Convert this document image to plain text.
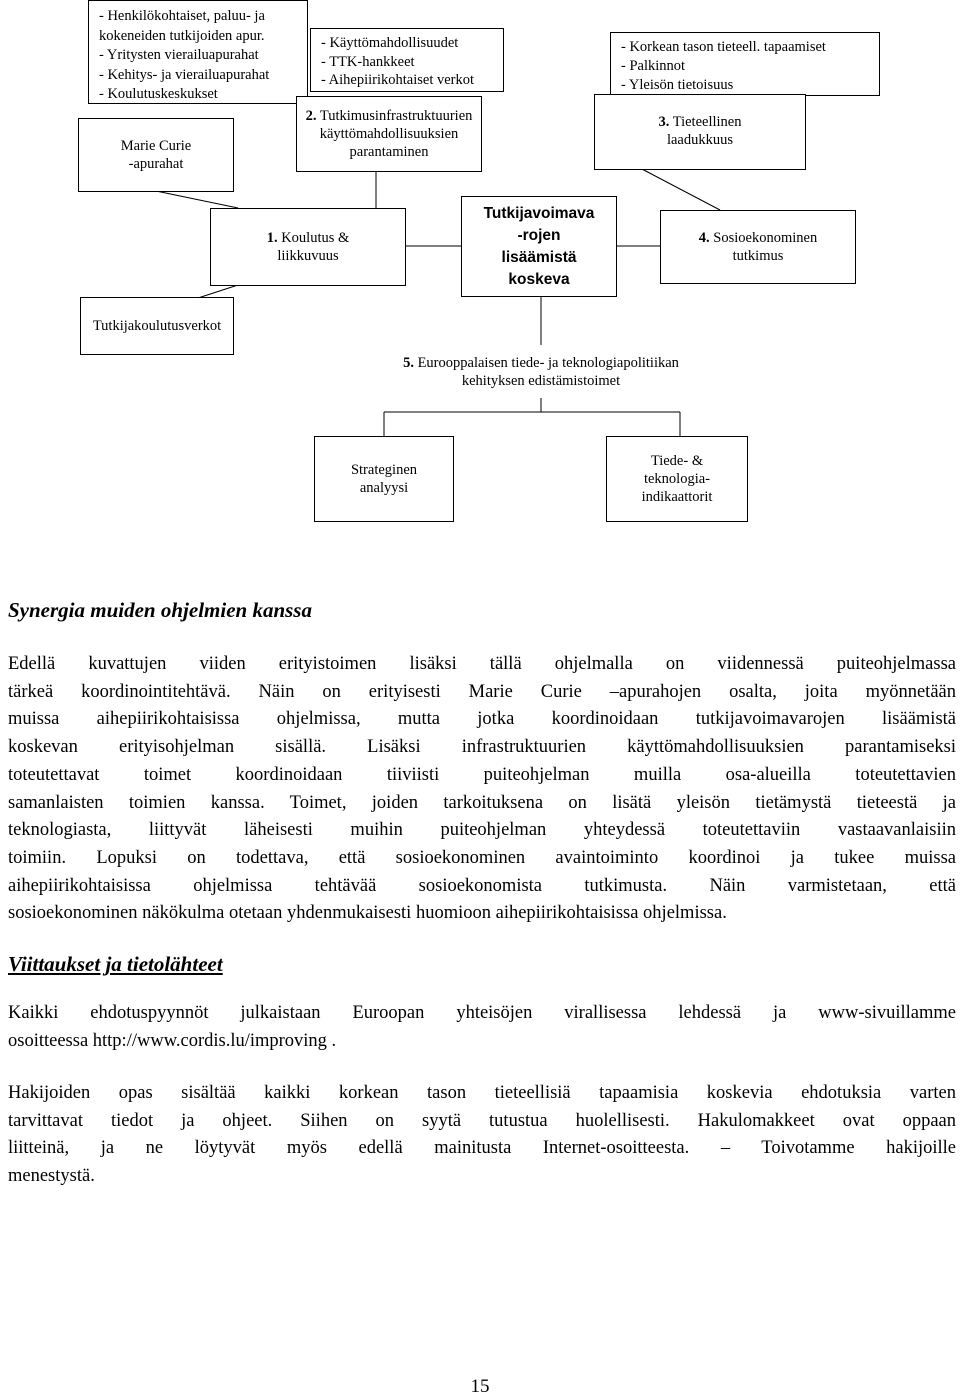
- Henkilökohtaiset, paluu- ja
kokeneiden tutkijoiden apur.
- Yritysten vierailuapurahat
- Kehitys- ja vierailuapurahat
- Koulutuskeskukset
- Käyttömahdollisuudet
- TTK-hankkeet
- Aihepiirikohtaiset verkot
- Korkean tason tieteell. tapaamiset
- Palkinnot
- Yleisön tietoisuus
Marie Curie
-apurahat
2. Tutkimusinfrastruktuurien
käyttömahdollisuuksien
parantaminen
3. Tieteellinen
laadukkuus
1. Koulutus &
liikkuvuus
Tutkijavoimava
-rojen
lisäämistä
koskeva
4. Sosioekonominen
tutkimus
Tutkijakoulutusverkot
5. Eurooppalaisen tiede- ja teknologiapolitiikan
kehityksen edistämistoimet
Strateginen
analyysi
Tiede- &
teknologia-
indikaattorit
Synergia muiden ohjelmien kanssa
Edellä kuvattujen viiden erityistoimen lisäksi tällä ohjelmalla on viidennessä puiteohjelmassa
tärkeä koordinointitehtävä. Näin on erityisesti Marie Curie –apurahojen osalta, joita myönnetään
muissa aihepiirikohtaisissa ohjelmissa, mutta jotka koordinoidaan tutkijavoimavarojen lisäämistä
koskevan erityisohjelman sisällä. Lisäksi infrastruktuurien käyttömahdollisuuksien parantamiseksi
toteutettavat toimet koordinoidaan tiiviisti puiteohjelman muilla osa-alueilla toteutettavien
samanlaisten toimien kanssa. Toimet, joiden tarkoituksena on lisätä yleisön tietämystä tieteestä ja
teknologiasta, liittyvät läheisesti muihin puiteohjelman yhteydessä toteutettaviin vastaavanlaisiin
toimiin. Lopuksi on todettava, että sosioekonominen avaintoiminto koordinoi ja tukee muissa
aihepiirikohtaisissa ohjelmissa tehtävää sosioekonomista tutkimusta. Näin varmistetaan, että
sosioekonominen näkökulma otetaan yhdenmukaisesti huomioon aihepiirikohtaisissa ohjelmissa.
Viittaukset ja tietolähteet
Kaikki ehdotuspyynnöt julkaistaan Euroopan yhteisöjen virallisessa lehdessä ja www-sivuillamme
osoitteessa http://www.cordis.lu/improving .
Hakijoiden opas sisältää kaikki korkean tason tieteellisiä tapaamisia koskevia ehdotuksia varten
tarvittavat tiedot ja ohjeet. Siihen on syytä tutustua huolellisesti. Hakulomakkeet ovat oppaan
liitteinä, ja ne löytyvät myös edellä mainitusta Internet-osoitteesta. – Toivotamme hakijoille
menestystä.
15
